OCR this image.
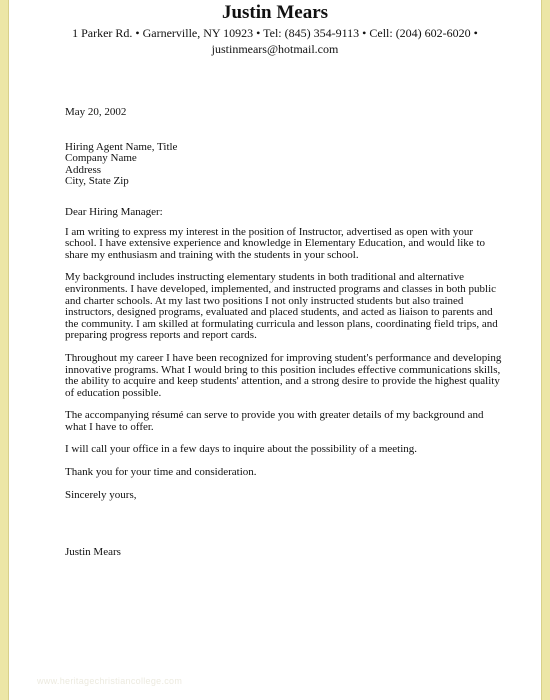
Justin Mears
1 Parker Rd. • Garnerville, NY 10923 • Tel: (845) 354-9113 • Cell: (204) 602-6020 •
justinmears@hotmail.com

May 20, 2002

Hiring Agent Name, Title

Company Name

Address

City, State Zip

Dear Hiring Manager:

I am writing to express my interest in the position of Instructor, advertised as open with your school. I have extensive experience and knowledge in Elementary Education, and would like to share my enthusiasm and training with the students in your school.

My background includes instructing elementary students in both traditional and alternative environments. I have developed, implemented, and instructed programs and classes in both public and charter schools. At my last two positions I not only instructed students but also trained instructors, designed programs, evaluated and placed students, and acted as liaison to parents and the community. I am skilled at formulating curricula and lesson plans, coordinating field trips, and preparing progress reports and report cards.

Throughout my career I have been recognized for improving student's performance and developing innovative programs. What I would bring to this position includes effective communications skills, the ability to acquire and keep students' attention, and a strong desire to provide the highest quality of education possible.

The accompanying résumé can serve to provide you with greater details of my background and what I have to offer.

I will call your office in a few days to inquire about the possibility of a meeting.

Thank you for your time and consideration.

Sincerely yours,

Justin Mears

www.heritagechristiancollege.com
